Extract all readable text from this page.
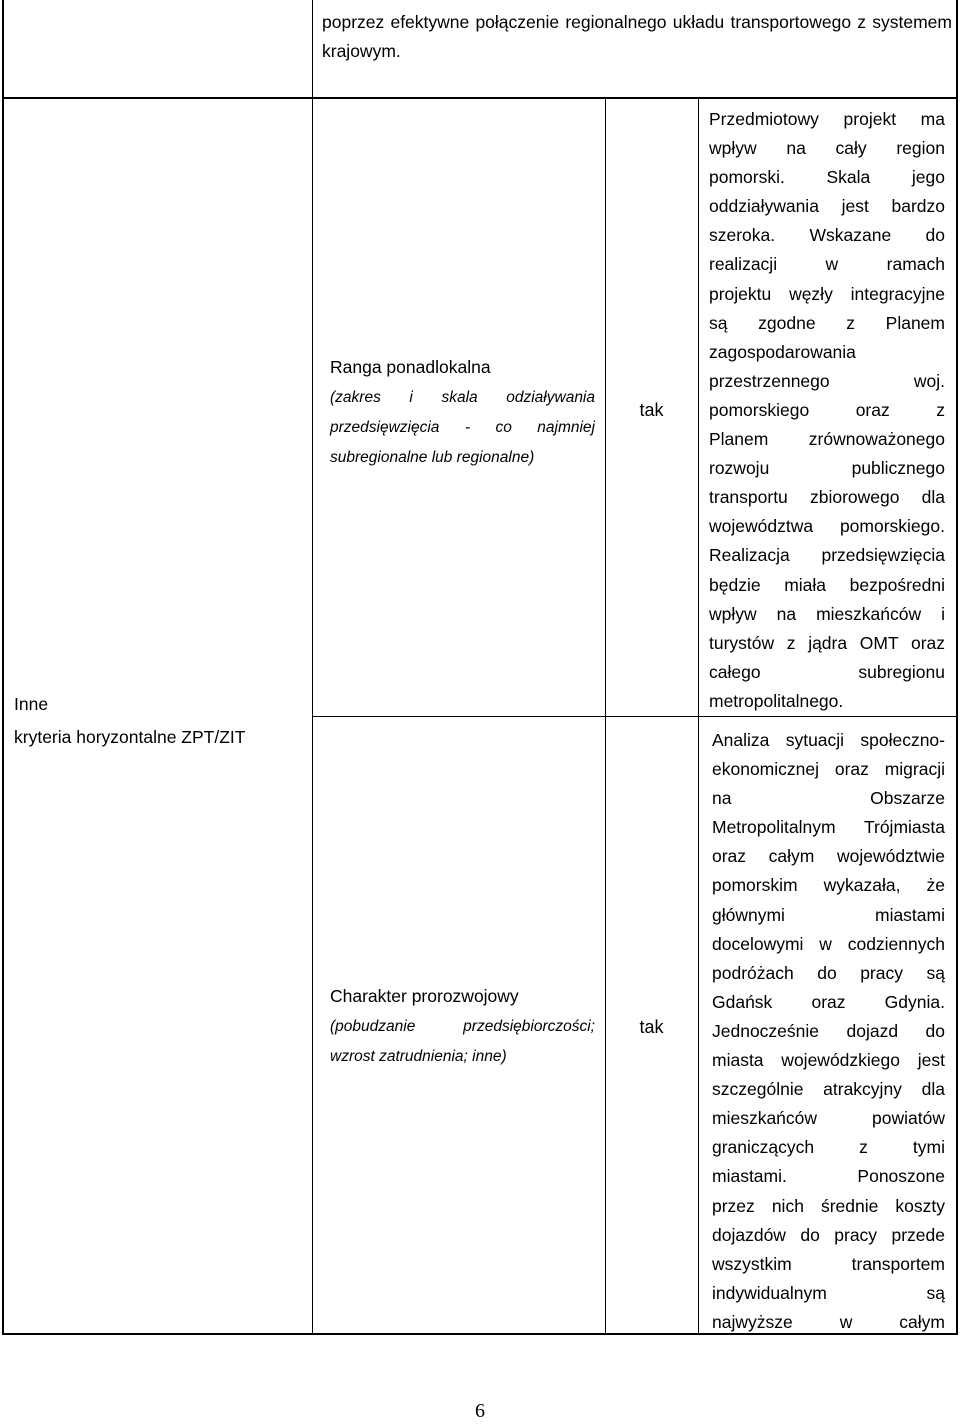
poprzez efektywne połączenie regionalnego układu transportowego z systemem krajowym.
Inne
kryteria horyzontalne ZPT/ZIT
Ranga ponadlokalna
(zakres i skala odziaływania przedsięwzięcia - co najmniej subregionalne lub regionalne)
tak

Przedmiotowy projekt ma

wpływ na cały region

pomorski. Skala jego

oddziaływania jest bardzo

szeroka. Wskazane do

realizacji w ramach

projektu węzły integracyjne

są zgodne z Planem

zagospodarowania

przestrzennego woj.

pomorskiego oraz z

Planem zrównoważonego

rozwoju publicznego

transportu zbiorowego dla

województwa pomorskiego.

Realizacja przedsięwzięcia

będzie miała bezpośredni

wpływ na mieszkańców i

turystów z jądra OMT oraz

całego subregionu

metropolitalnego.

Charakter prorozwojowy
(pobudzanie przedsiębiorczości; wzrost zatrudnienia; inne)
tak

Analiza sytuacji społeczno-

ekonomicznej oraz migracji

na Obszarze

Metropolitalnym Trójmiasta

oraz całym województwie

pomorskim wykazała, że

głównymi miastami

docelowymi w codziennych

podróżach do pracy są

Gdańsk oraz Gdynia.

Jednocześnie dojazd do

miasta wojewódzkiego jest

szczególnie atrakcyjny dla

mieszkańców powiatów

graniczących z tymi

miastami. Ponoszone

przez nich średnie koszty

dojazdów do pracy przede

wszystkim transportem

indywidualnym są

najwyższe w całym

6
